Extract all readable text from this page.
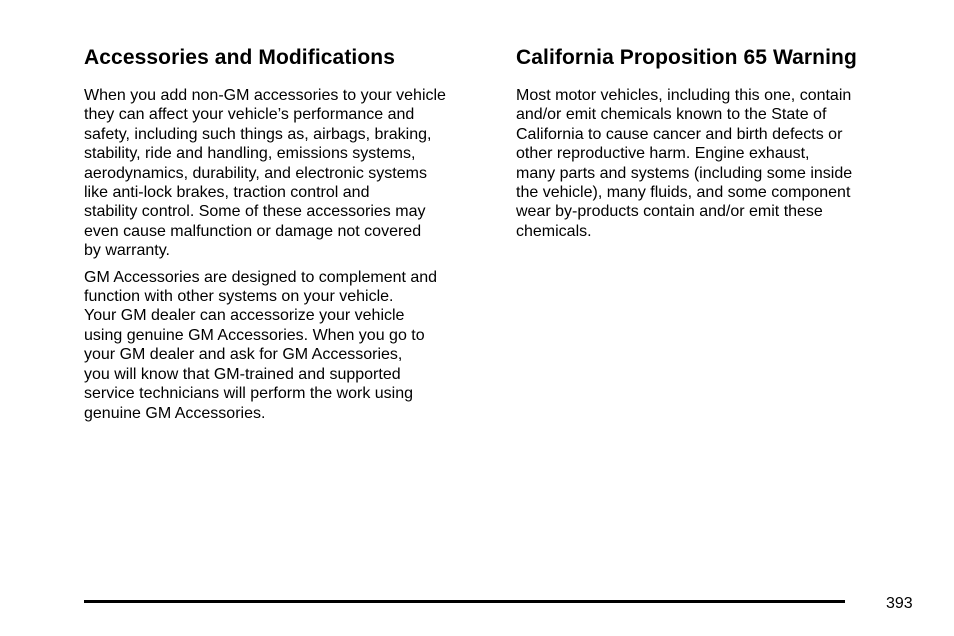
Accessories and Modifications

When you add non-GM accessories to your vehicle
they can affect your vehicle’s performance and
safety, including such things as, airbags, braking,
stability, ride and handling, emissions systems,
aerodynamics, durability, and electronic systems
like anti-lock brakes, traction control and
stability control. Some of these accessories may
even cause malfunction or damage not covered
by warranty.

GM Accessories are designed to complement and
function with other systems on your vehicle.
Your GM dealer can accessorize your vehicle
using genuine GM Accessories. When you go to
your GM dealer and ask for GM Accessories,
you will know that GM-trained and supported
service technicians will perform the work using
genuine GM Accessories.

California Proposition 65 Warning

Most motor vehicles, including this one, contain
and/or emit chemicals known to the State of
California to cause cancer and birth defects or
other reproductive harm. Engine exhaust,
many parts and systems (including some inside
the vehicle), many fluids, and some component
wear by-products contain and/or emit these
chemicals.

393
